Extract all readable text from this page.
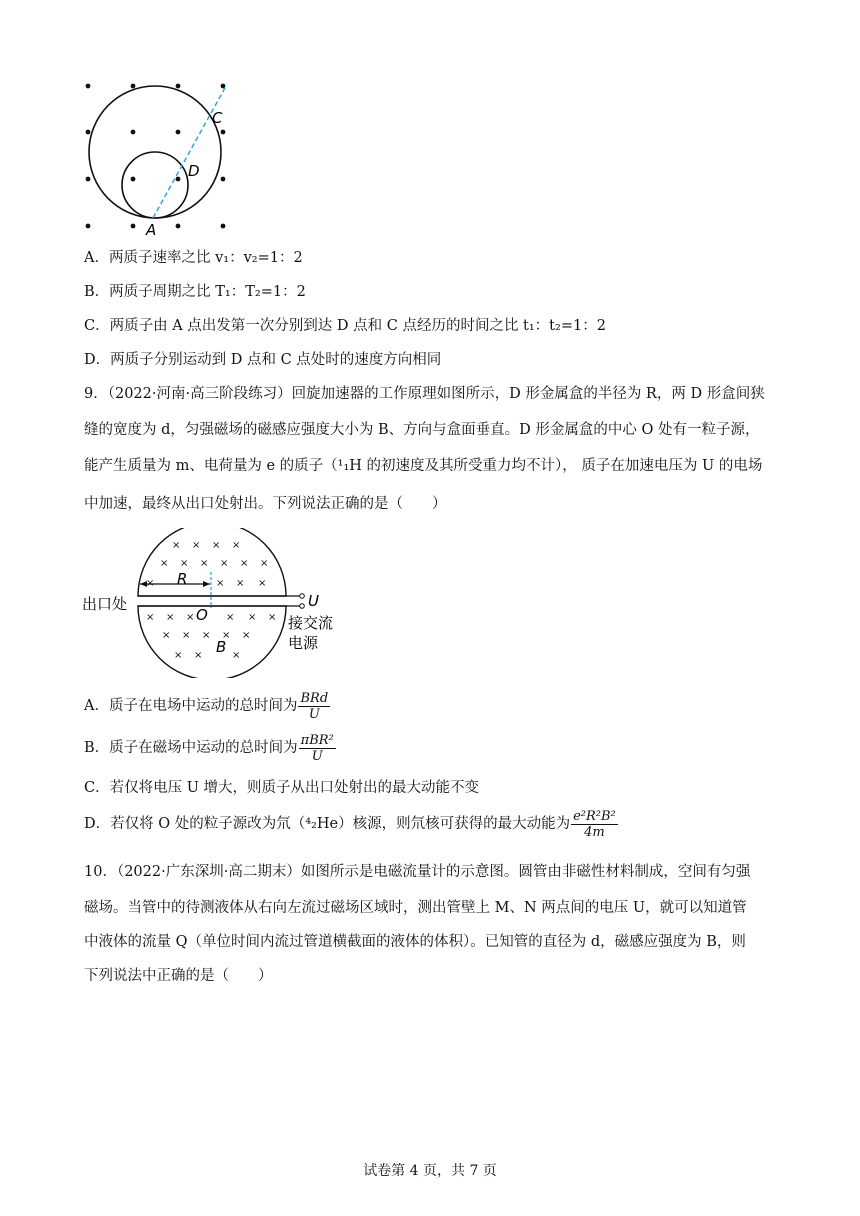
A
C
D
A．两质子速率之比 v₁：v₂=1：2
B．两质子周期之比 T₁：T₂=1：2
C．两质子由 A 点出发第一次分别到达 D 点和 C 点经历的时间之比 t₁：t₂=1：2
D．两质子分别运动到 D 点和 C 点处时的速度方向相同
9．（2022·河南·高三阶段练习）回旋加速器的工作原理如图所示，D 形金属盒的半径为 R，两 D 形盒间狭
缝的宽度为 d，匀强磁场的磁感应强度大小为 B、方向与盒面垂直。D 形金属盒的中心 O 处有一粒子源，
能产生质量为 m、电荷量为 e 的质子（¹₁H 的初速度及其所受重力均不计）， 质子在加速电压为 U 的电场
中加速，最终从出口处射出。下列说法正确的是（　　）
× × × ×
× × × × × ×
×	× × ×
× × ×	× × ×
× × × × ×
× ×	×
出口处
R
O
B
U
接交流
电源
A．质子在电场中运动的总时间为 $\frac{\text{BRd}}{U}$
B．质子在磁场中运动的总时间为 $\frac{\text{πBR²}}{U}$
C．若仅将电压 U 增大，则质子从出口处射出的最大动能不变
D．若仅将 O 处的粒子源改为氘（⁴₂He）核源，则氘核可获得的最大动能为 $\frac{\text{e²R²B²}}{4m}$
10．（2022·广东深圳·高二期末）如图所示是电磁流量计的示意图。圆管由非磁性材料制成，空间有匀强
磁场。当管中的待测液体从右向左流过磁场区域时，测出管壁上 M、N 两点间的电压 U，就可以知道管
中液体的流量 Q（单位时间内流过管道横截面的液体的体积）。已知管的直径为 d，磁感应强度为 B，则
下列说法中正确的是（　　）
试卷第 4 页，共 7 页
